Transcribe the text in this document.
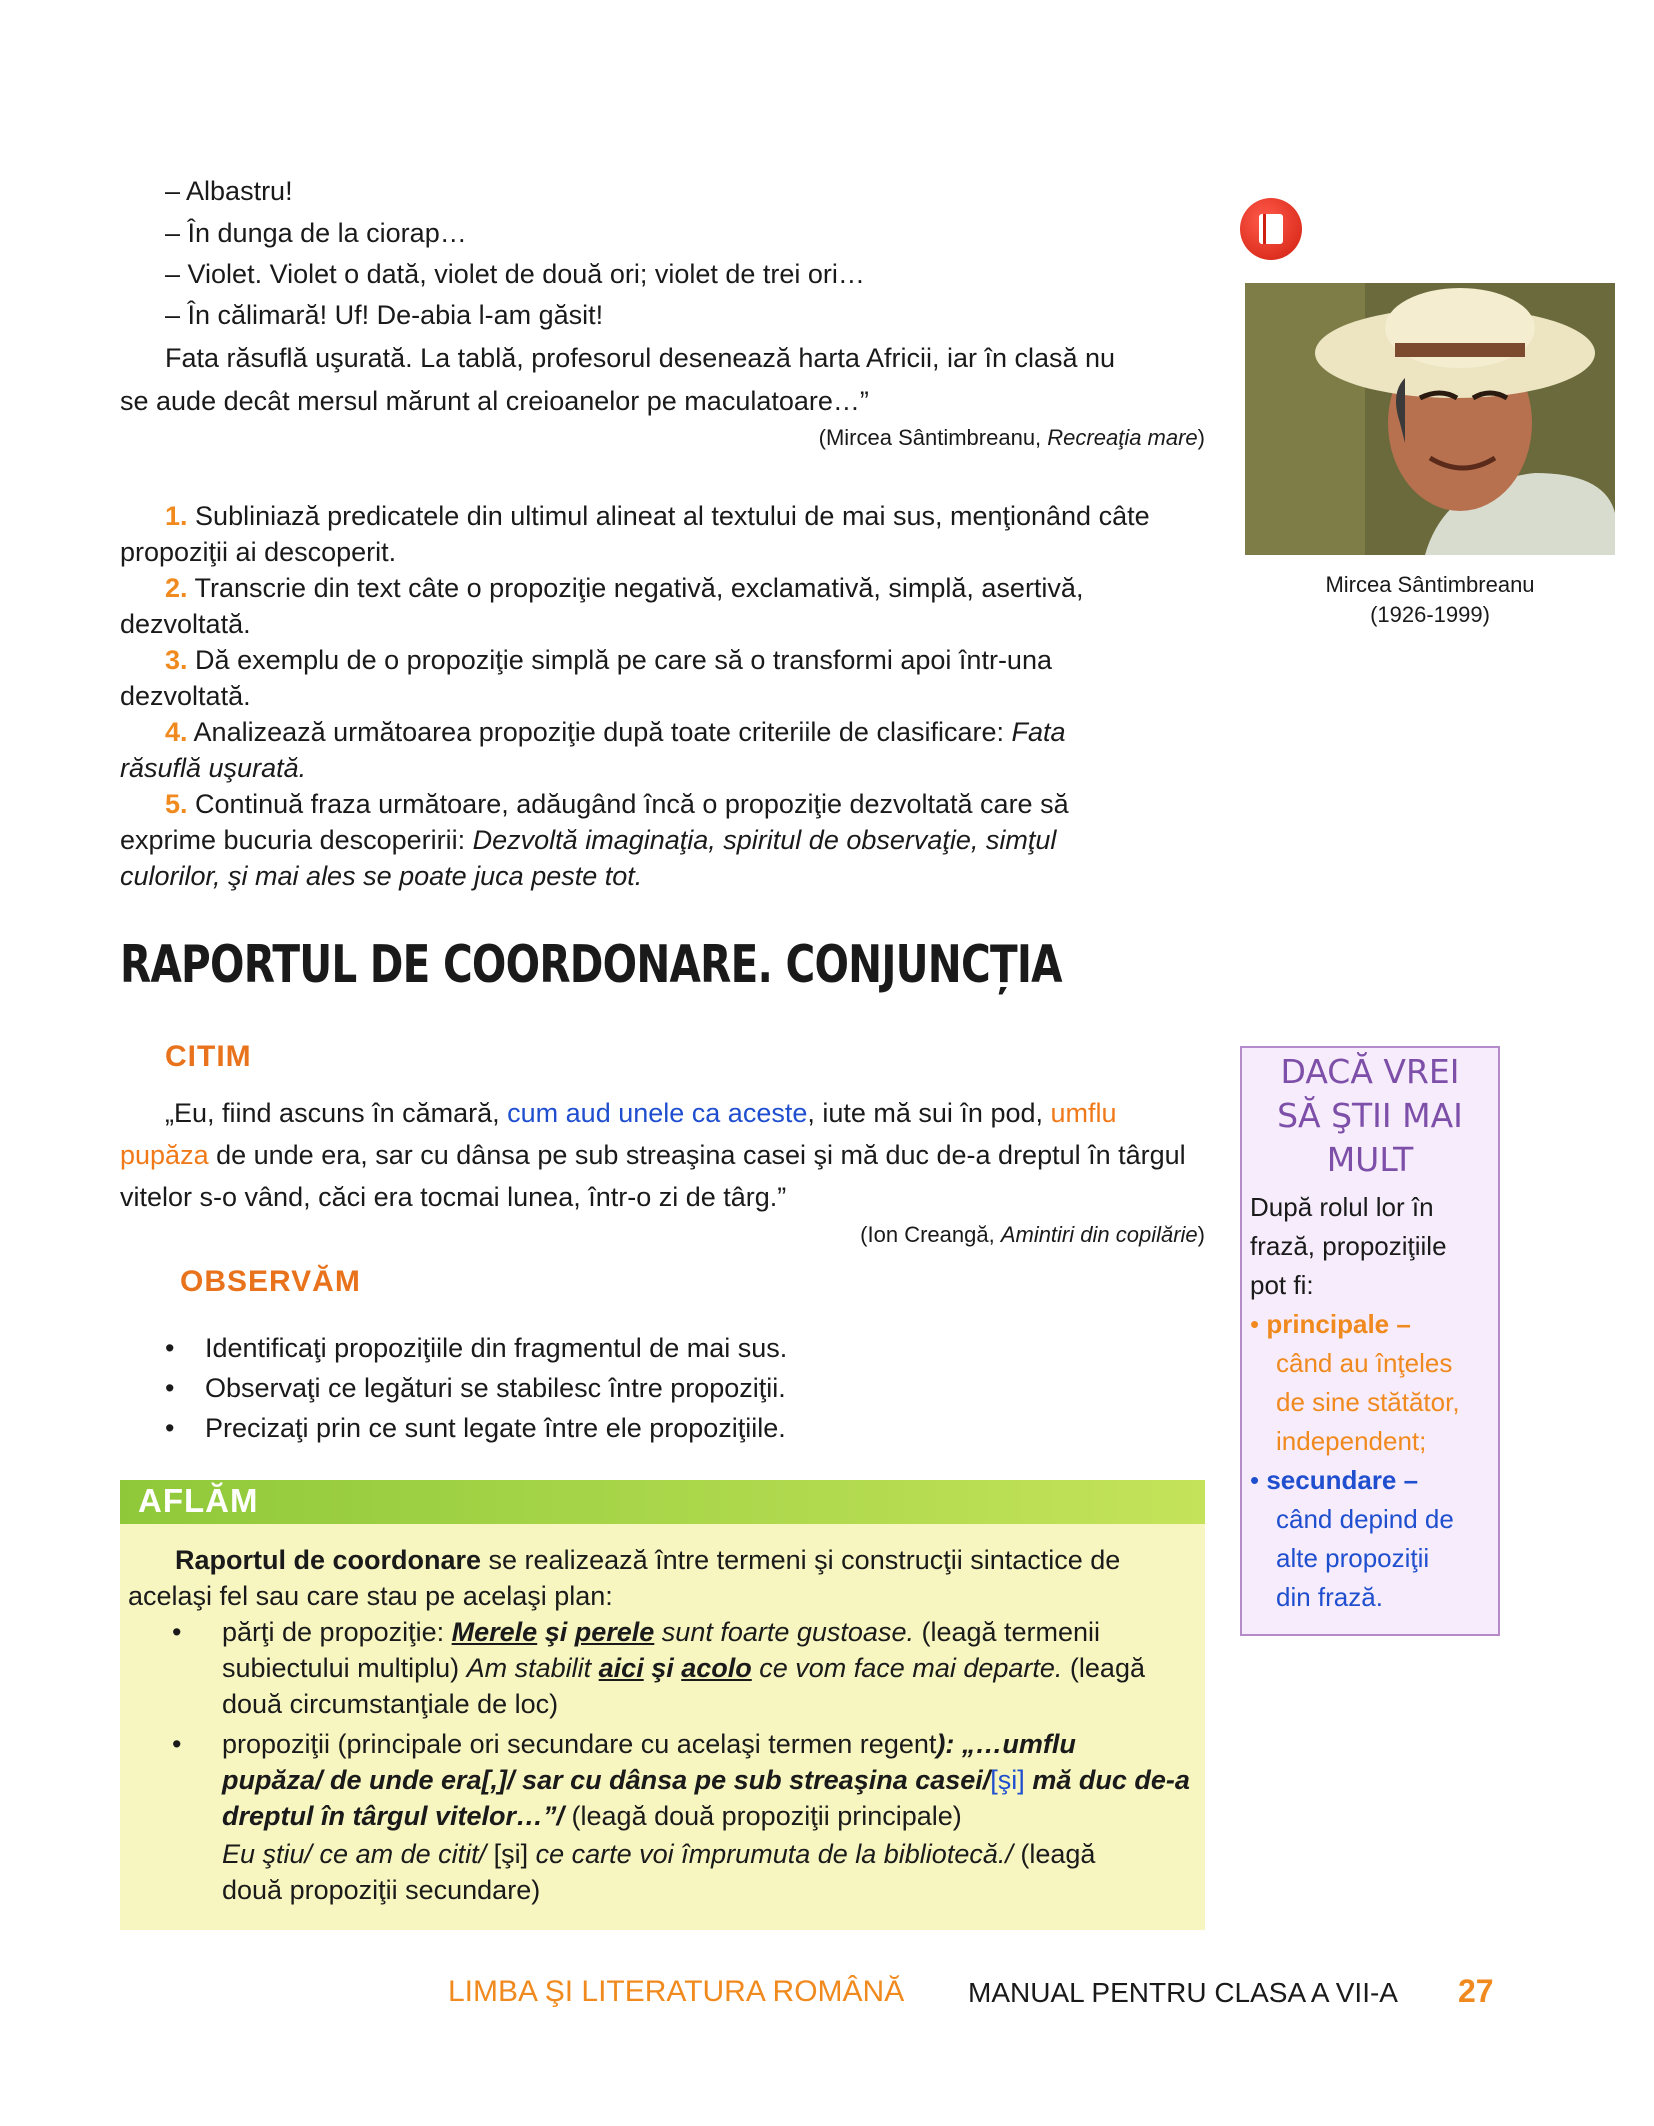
– Albastru!
– În dunga de la ciorap…
– Violet. Violet o dată, violet de două ori; violet de trei ori…
– În călimară! Uf! De-abia l-am găsit!
Fata răsuflă uşurată. La tablă, profesorul desenează harta Africii, iar în clasă nu
se aude decât mersul mărunt al creioanelor pe maculatoare…”
(Mircea Sântimbreanu, Recreaţia mare)
1. Subliniază predicatele din ultimul alineat al textului de mai sus, menţionând câte
propoziţii ai descoperit.
2. Transcrie din text câte o propoziţie negativă, exclamativă, simplă, asertivă,
dezvoltată.
3. Dă exemplu de o propoziţie simplă pe care să o transformi apoi într-una
dezvoltată.
4. Analizează următoarea propoziţie după toate criteriile de clasificare: Fata
răsuflă uşurată.
5. Continuă fraza următoare, adăugând încă o propoziţie dezvoltată care să
exprime bucuria descoperirii: Dezvoltă imaginaţia, spiritul de observaţie, simţul
culorilor, şi mai ales se poate juca peste tot.
Mircea Sântimbreanu
(1926-1999)
RAPORTUL DE COORDONARE. CONJUNCȚIA
CITIM
„Eu, fiind ascuns în cămară, cum aud unele ca aceste, iute mă sui în pod, umflu
pupăza de unde era, sar cu dânsa pe sub streaşina casei şi mă duc de-a dreptul în târgul
vitelor s-o vând, căci era tocmai lunea, într-o zi de târg.”
(Ion Creangă, Amintiri din copilărie)
OBSERVĂM
• Identificaţi propoziţiile din fragmentul de mai sus.
• Observaţi ce legături se stabilesc între propoziţii.
• Precizaţi prin ce sunt legate între ele propoziţiile.
AFLĂM
Raportul de coordonare se realizează între termeni şi construcţii sintactice de
acelaşi fel sau care stau pe acelaşi plan:
• părţi de propoziţie: Merele şi perele sunt foarte gustoase. (leagă termenii
subiectului multiplu) Am stabilit aici şi acolo ce vom face mai departe. (leagă
două circumstanţiale de loc)
• propoziţii (principale ori secundare cu acelaşi termen regent): „…umflu
pupăza/ de unde era[,]/ sar cu dânsa pe sub streaşina casei/[şi] mă duc de-a
dreptul în târgul vitelor…”/ (leagă două propoziţii principale)
Eu ştiu/ ce am de citit/ [şi] ce carte voi împrumuta de la bibliotecă./ (leagă
două propoziţii secundare)
DACĂ VREI
SĂ ŞTII MAI
MULT
După rolul lor în
frază, propoziţiile
pot fi:
• principale –
când au înţeles
de sine stătător,
independent;
• secundare –
când depind de
alte propoziţii
din frază.
LIMBA ŞI LITERATURA ROMÂNĂ MANUAL PENTRU CLASA A VII-A 27
